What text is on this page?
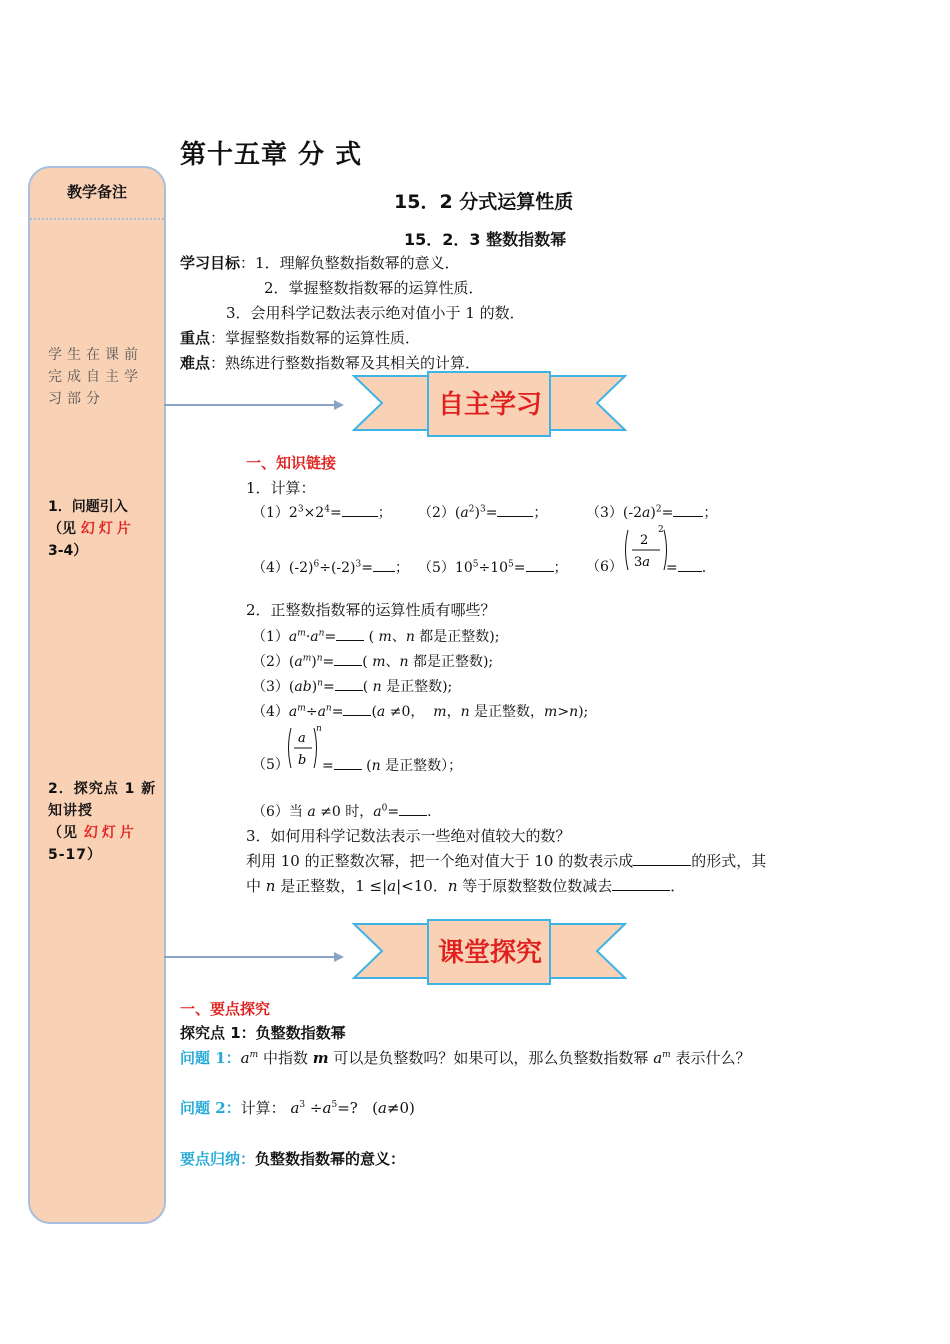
第十五章 分 式
15．2 分式运算性质
15．2．3 整数指数幂
教学备注
学生在课前完成自主学习部分
1．问题引入
（见 幻灯片
3-4）
2．探究点 1 新知讲授
（见 幻灯片
5-17）
学习目标：1．理解负整数指数幂的意义．
2．掌握整数指数幂的运算性质．
3．会用科学记数法表示绝对值小于 1 的数．
重点：掌握整数指数幂的运算性质．
难点：熟练进行整数指数幂及其相关的计算．
自主学习
一、知识链接
1．计算：
$(1)2^3\times 2^4=$	； $(2)(a^2)^3=$	；	$(3)(-2a)^2=$ ；
$(4)(-2)^6\div(-2)^3=$ ； $(5)10^5\div 10^5=$ ； （6）
2
3a
2
= .
2．正整数指数幂的运算性质有哪些？
$(1)a^m\cdot a^n=$ ( m、n 都是正整数);
$(2)(a^m)^n=$ ( m、n 都是正整数);
（3）(ab)$^n$= ( n 是正整数);
$(4)a^m\div a^n= (a \ne 0$，  m，n 是正整数，m>n);
（5）
a
b
n
= (n 是正整数）；
（6）当 a ≠0 时，$a^0=$ .
3．如何用科学记数法表示一些绝对值较大的数？
利用 10 的正整数次幂，把一个绝对值大于 10 的数表示成	的形式，其
中 n 是正整数，1 ≤|a|<10．n 等于原数整数位数减去	．
课堂探究
一、要点探究
探究点 1：负整数指数幂
问题 1：$a^m$ 中指数 m 可以是负整数吗？如果可以，那么负整数指数幂 $a^m$ 表示什么？
问题 2：计算： $a^3 \div a^5=$?   (a≠0)
要点归纳：负整数指数幂的意义：
